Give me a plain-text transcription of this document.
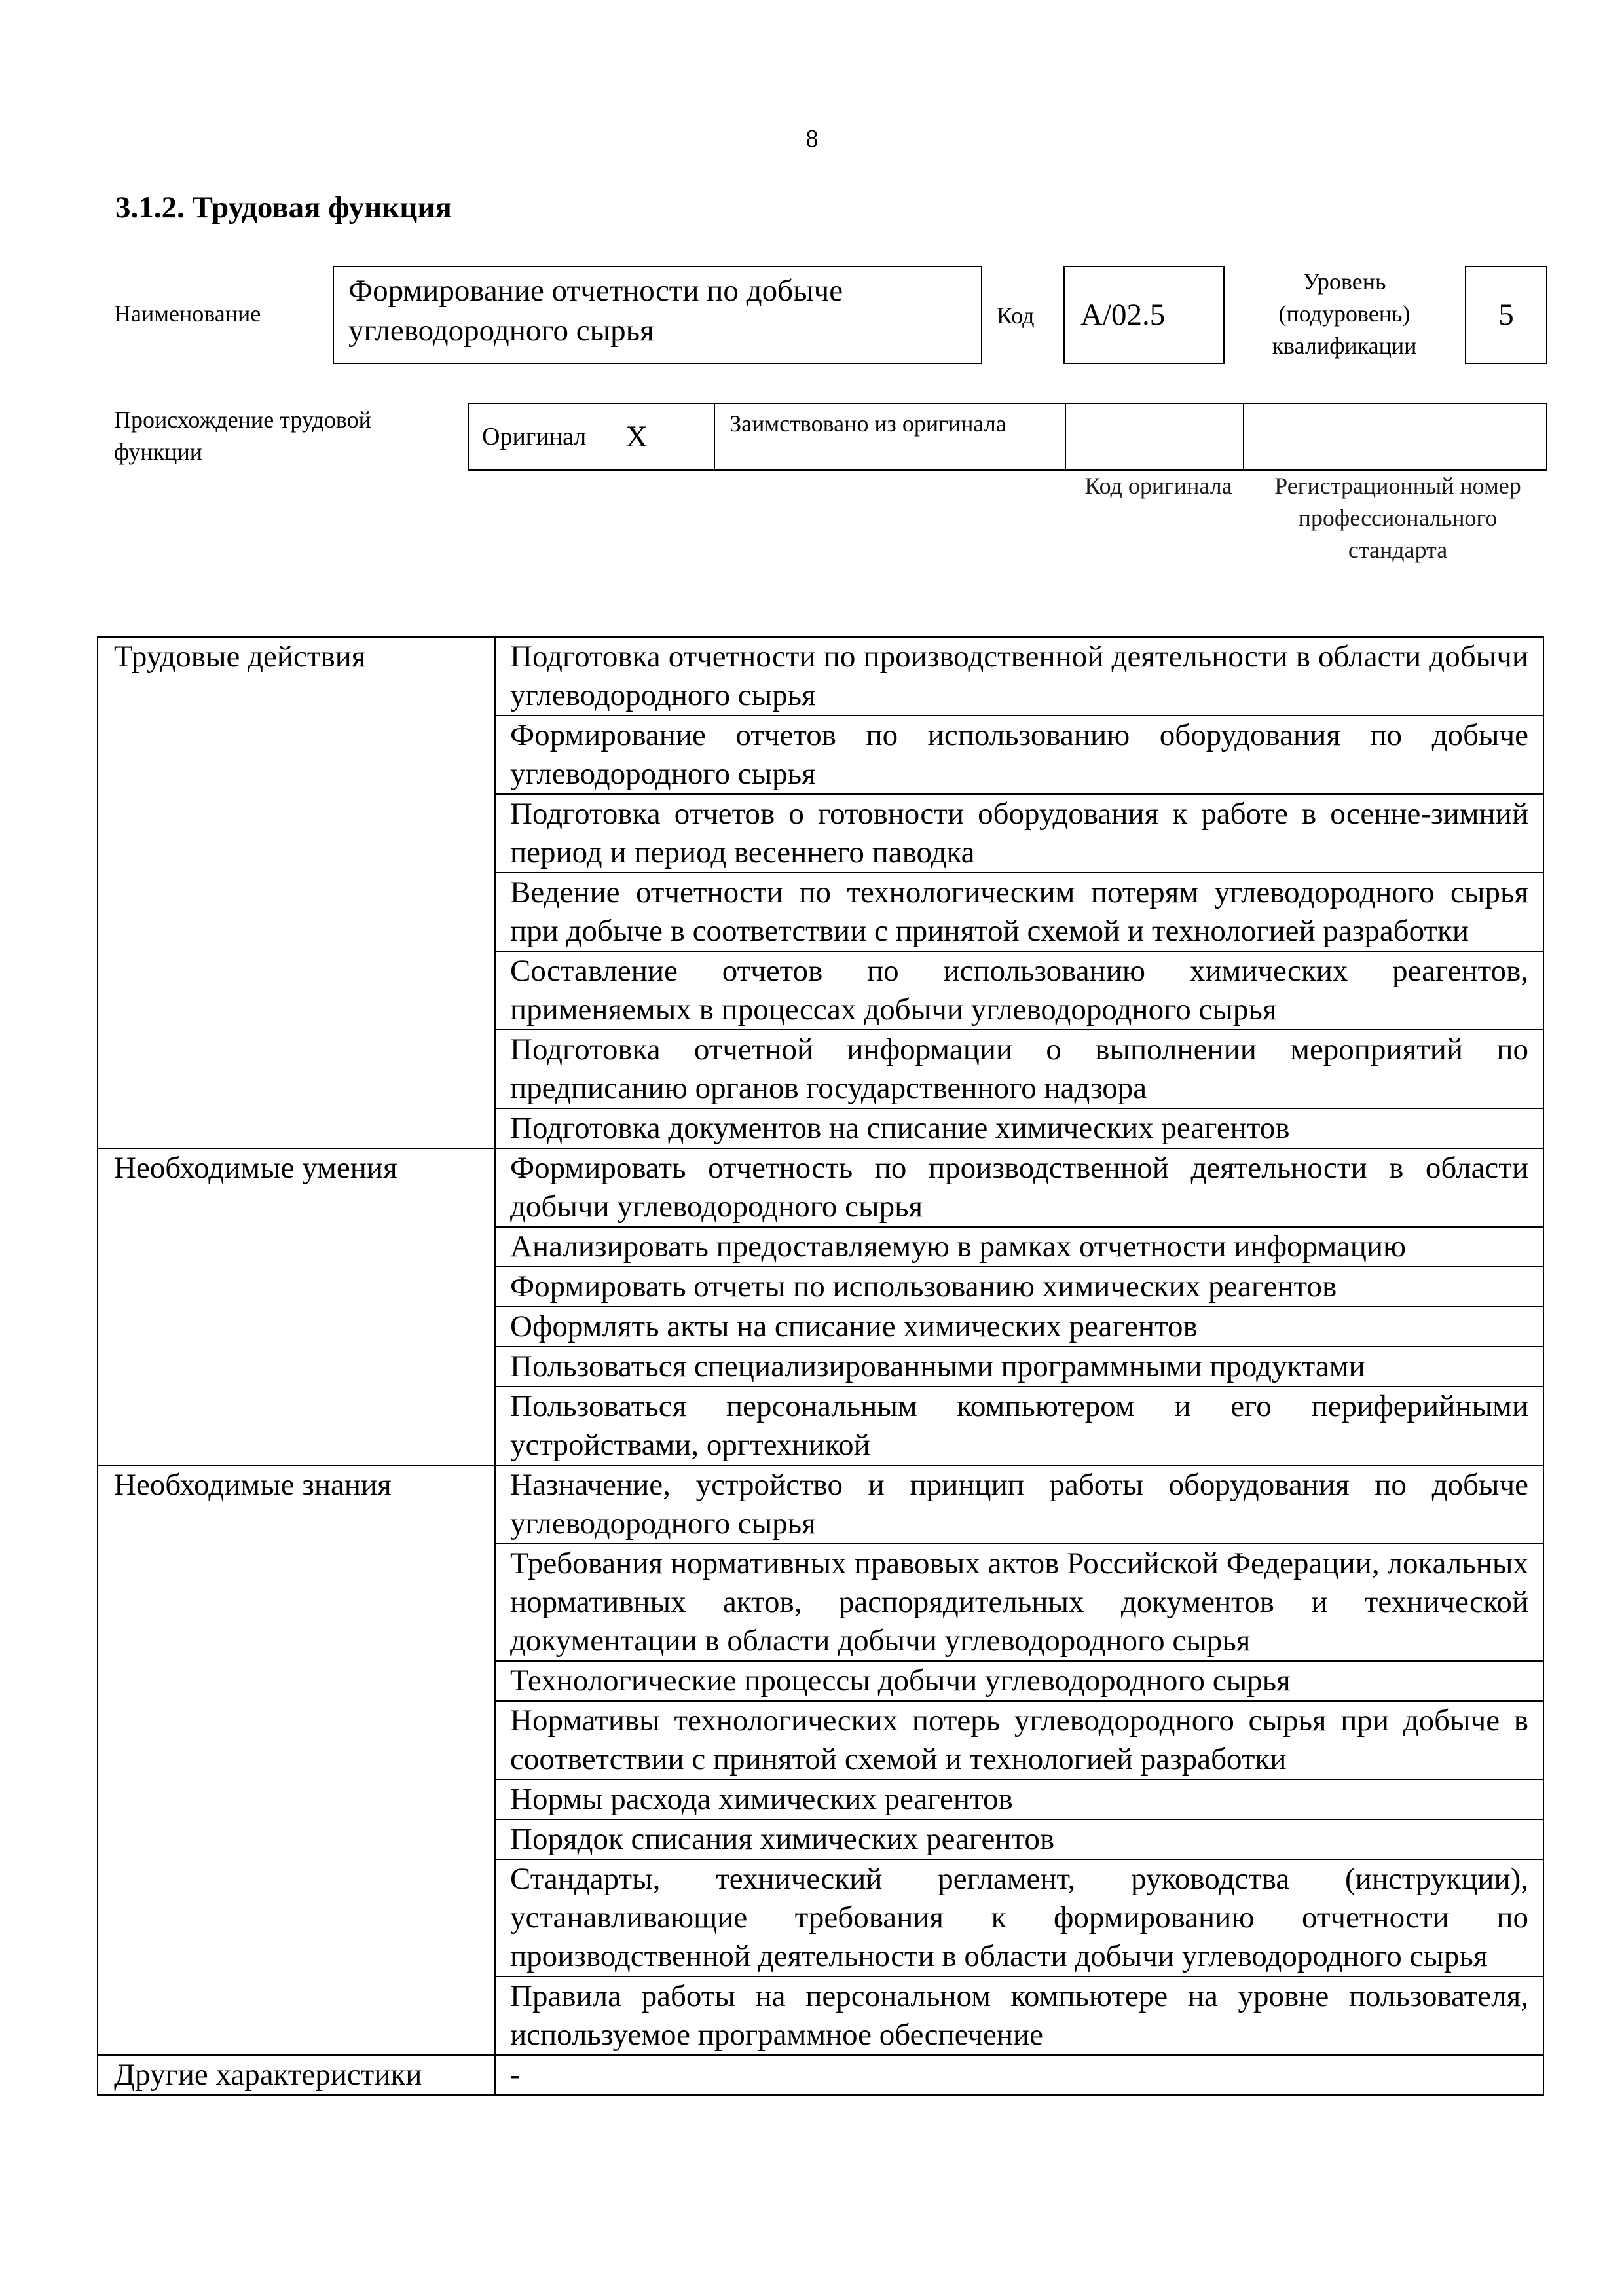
8
3.1.2. Трудовая функция
Наименование
Формирование отчетности по добыче углеводородного сырья	Код	А/02.5
Уровень (подуровень) квалификации
5
Происхождение трудовой функции
Оригинал X	Заимствовано из оригинала
Код оригинала	Регистрационный номер профессионального стандарта
Трудовые действия	Подготовка отчетности по производственной деятельности в области добычи углеводородного сырья
	Формирование отчетов по использованию оборудования по добыче углеводородного сырья
	Подготовка отчетов о готовности оборудования к работе в осенне-зимний период и период весеннего паводка
	Ведение отчетности по технологическим потерям углеводородного сырья при добыче в соответствии с принятой схемой и технологией разработки
	Составление отчетов по использованию химических реагентов, применяемых в процессах добычи углеводородного сырья
	Подготовка отчетной информации о выполнении мероприятий по предписанию органов государственного надзора
	Подготовка документов на списание химических реагентов
Необходимые умения	Формировать отчетность по производственной деятельности в области добычи углеводородного сырья
	Анализировать предоставляемую в рамках отчетности информацию
	Формировать отчеты по использованию химических реагентов
	Оформлять акты на списание химических реагентов
	Пользоваться специализированными программными продуктами
	Пользоваться персональным компьютером и его периферийными устройствами, оргтехникой
Необходимые знания	Назначение, устройство и принцип работы оборудования по добыче углеводородного сырья
	Требования нормативных правовых актов Российской Федерации, локальных нормативных актов, распорядительных документов и технической документации в области добычи углеводородного сырья
	Технологические процессы добычи углеводородного сырья
	Нормативы технологических потерь углеводородного сырья при добыче в соответствии с принятой схемой и технологией разработки
	Нормы расхода химических реагентов
	Порядок списания химических реагентов
	Стандарты, технический регламент, руководства (инструкции), устанавливающие требования к формированию отчетности по производственной деятельности в области добычи углеводородного сырья
	Правила работы на персональном компьютере на уровне пользователя, используемое программное обеспечение
Другие характеристики	-
